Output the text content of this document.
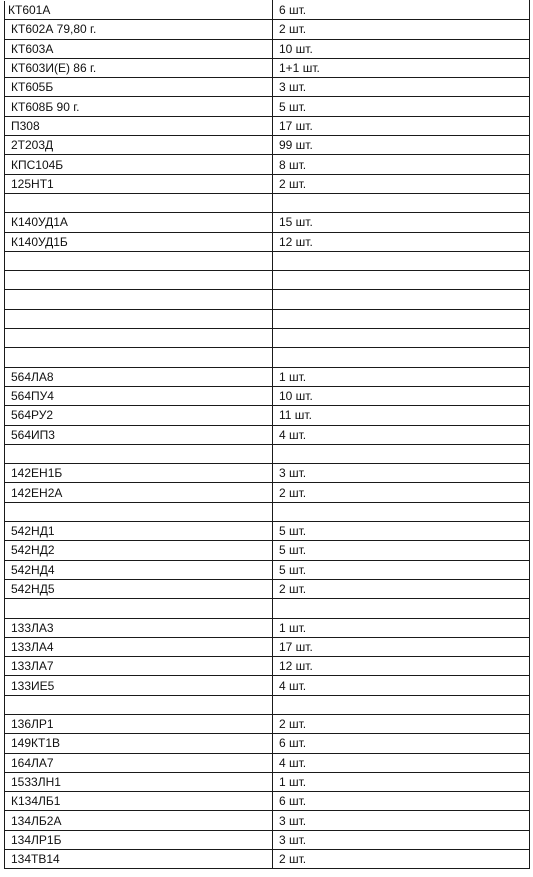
КТ601А	6 шт.
КТ602А 79,80 г.	2 шт.
КТ603А	10 шт.
КТ603И(Е) 86 г.	1+1 шт.
КТ605Б	3 шт.
КТ608Б 90 г.	5 шт.
П308	17 шт.
2Т203Д	99 шт.
КПС104Б	8 шт.
125НТ1	2 шт.

К140УД1А	15 шт.
К140УД1Б	12 шт.

564ЛА8	1 шт.
564ПУ4	10 шт.
564РУ2	11 шт.
564ИП3	4 шт.

142ЕН1Б	3 шт.
142ЕН2А	2 шт.

542НД1	5 шт.
542НД2	5 шт.
542НД4	5 шт.
542НД5	2 шт.

133ЛА3	1 шт.
133ЛА4	17 шт.
133ЛА7	12 шт.
133ИЕ5	4 шт.

136ЛР1	2 шт.
149КТ1В	6 шт.
164ЛА7	4 шт.
1533ЛН1	1 шт.
К134ЛБ1	6 шт.
134ЛБ2А	3 шт.
134ЛР1Б	3 шт.
134ТВ14	2 шт.
